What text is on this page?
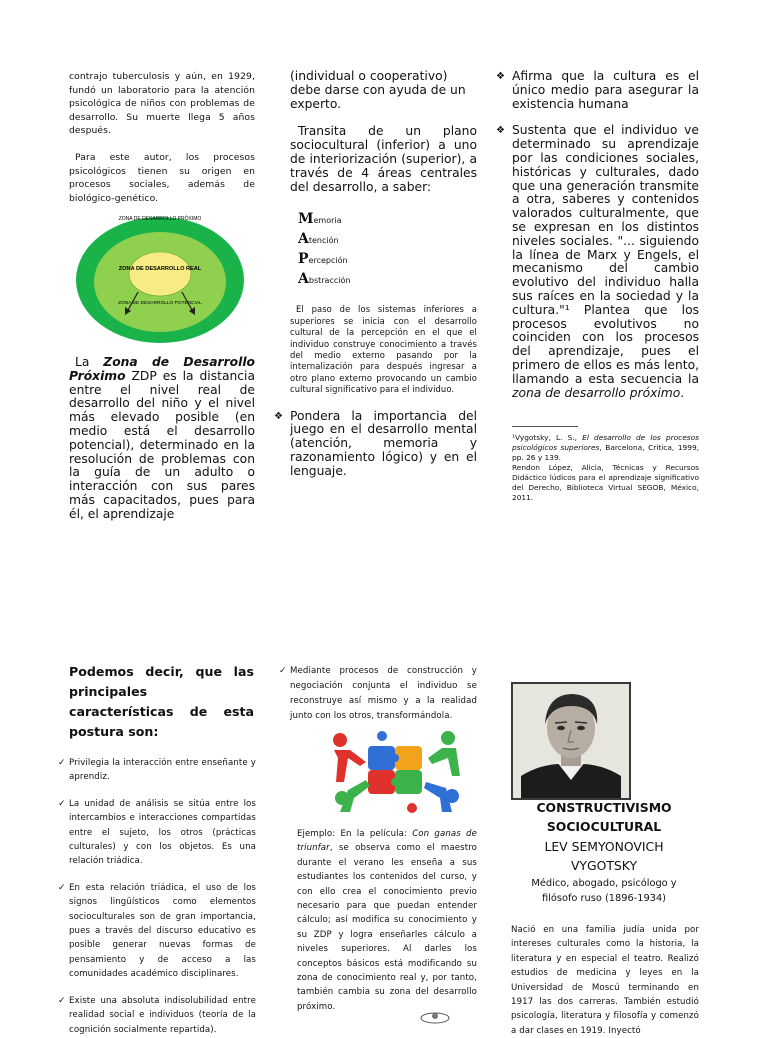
contrajo tuberculosis y aún, en 1929, fundó un laboratorio para la atención psicológica de niños con problemas de desarrollo. Su muerte llega 5 años después.

Para este autor, los procesos psicológicos tienen su origen en procesos sociales, además de biológico-genético.

ZONA DE DESARROLLO PRÓXIMO
ZONA DE DESARROLLO REAL
ZONA DE DESARROLLO POTENCIAL
La Zona de Desarrollo Próximo ZDP es la distancia entre el nivel real de desarrollo del niño y el nivel más elevado posible (en medio está el desarrollo potencial), determinado en la resolución de problemas con la guía de un adulto o interacción con sus pares más capacitados, pues para él, el aprendizaje

(individual o cooperativo) debe darse con ayuda de un experto.

Transita de un plano sociocultural (inferior) a uno de interiorización (superior), a través de 4 áreas centrales del desarrollo, a saber:

Memoria
Atención
Percepción
Abstracción

El paso de los sistemas inferiores a superiores se inicia con el desarrollo cultural de la percepción en el que el individuo construye conocimiento a través del medio externo pasando por la internalización para después ingresar a otro plano externo provocando un cambio cultural significativo para el individuo.

❖ Pondera la importancia del juego en el desarrollo mental (atención, memoria y razonamiento lógico) y en el lenguaje.
❖ Afirma que la cultura es el único medio para asegurar la existencia humana
❖ Sustenta que el individuo ve determinado su aprendizaje por las condiciones sociales, históricas y culturales, dado que una generación transmite a otra, saberes y contenidos valorados culturalmente, que se expresan en los distintos niveles sociales. "... siguiendo la línea de Marx y Engels, el mecanismo del cambio evolutivo del individuo halla sus raíces en la sociedad y la cultura."¹ Plantea que los procesos evolutivos no coinciden con los procesos del aprendizaje, pues el primero de ellos es más lento, llamando a esta secuencia la zona de desarrollo próximo.

¹Vygotsky, L. S., El desarrollo de los procesos psicológicos superiores, Barcelona, Crítica, 1999, pp. 26 y 139.

Rendon López, Alicia, Técnicas y Recursos Didáctico lúdicos para el aprendizaje significativo del Derecho, Biblioteca Virtual SEGOB, México, 2011.

Podemos decir, que las principales características de esta postura son:

✓ Privilegia la interacción entre enseñante y aprendiz.
✓ La unidad de análisis se sitúa entre los intercambios e interacciones compartidas entre el sujeto, los otros (prácticas culturales) y con los objetos. Es una relación triádica.
✓ En esta relación triádica, el uso de los signos lingüísticos como elementos socioculturales son de gran importancia, pues a través del discurso educativo es posible generar nuevas formas de pensamiento y de acceso a las comunidades académico disciplinares.
✓ Existe una absoluta indisolubilidad entre realidad social e individuos (teoría de la cognición socialmente repartida).
✓ Mediante procesos de construcción y negociación conjunta el individuo se reconstruye así mismo y a la realidad junto con los otros, transformándola.
Ejemplo: En la película: Con ganas de triunfar, se observa como el maestro durante el verano les enseña a sus estudiantes los contenidos del curso, y con ello crea el conocimiento previo necesario para que puedan entender cálculo; así modifica su conocimiento y su ZDP y logra enseñarles cálculo a niveles superiores. Al darles los conceptos básicos está modificando su zona de conocimiento real y, por tanto, también cambia su zona del desarrollo próximo.
CONSTRUCTIVISMO
SOCIOCULTURAL
LEV SEMYONOVICH
VYGOTSKY
Médico, abogado, psicólogo y filósofo ruso (1896-1934)
Nació en una familia judía unida por intereses culturales como la historia, la literatura y en especial el teatro. Realizó estudios de medicina y leyes en la Universidad de Moscú terminando en 1917 las dos carreras. También estudió psicología, literatura y filosofía y comenzó a dar clases en 1919. Inyectó
